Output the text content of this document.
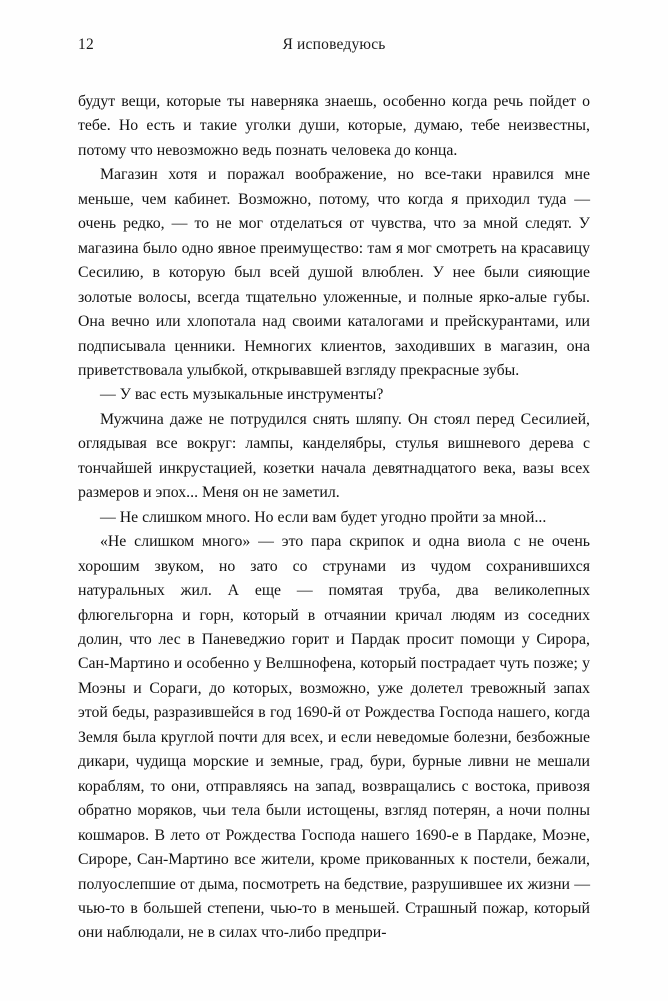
12	Я исповедуюсь

будут вещи, которые ты наверняка знаешь, особенно когда речь пойдет о тебе. Но есть и такие уголки души, которые, думаю, тебе неизвестны, потому что невозможно ведь познать человека до конца.

Магазин хотя и поражал воображение, но все-таки нравился мне меньше, чем кабинет. Возможно, потому, что когда я приходил туда — очень редко, — то не мог отделаться от чувства, что за мной следят. У магазина было одно явное преимущество: там я мог смотреть на красавицу Сесилию, в которую был всей душой влюблен. У нее были сияющие золотые волосы, всегда тщательно уложенные, и полные ярко-алые губы. Она вечно или хлопотала над своими каталогами и прейскурантами, или подписывала ценники. Немногих клиентов, заходивших в магазин, она приветствовала улыбкой, открывавшей взгляду прекрасные зубы.

— У вас есть музыкальные инструменты?

Мужчина даже не потрудился снять шляпу. Он стоял перед Сесилией, оглядывая все вокруг: лампы, канделябры, стулья вишневого дерева с тончайшей инкрустацией, козетки начала девятнадцатого века, вазы всех размеров и эпох... Меня он не заметил.

— Не слишком много. Но если вам будет угодно пройти за мной...

«Не слишком много» — это пара скрипок и одна виола с не очень хорошим звуком, но зато со струнами из чудом сохранившихся натуральных жил. А еще — помятая труба, два великолепных флюгельгорна и горн, который в отчаянии кричал людям из соседних долин, что лес в Паневеджио горит и Пардак просит помощи у Сирора, Сан-Мартино и особенно у Велшнофена, который пострадает чуть позже; у Моэны и Сораги, до которых, возможно, уже долетел тревожный запах этой беды, разразившейся в год 1690-й от Рождества Господа нашего, когда Земля была круглой почти для всех, и если неведомые болезни, безбожные дикари, чудища морские и земные, град, бури, бурные ливни не мешали кораблям, то они, отправляясь на запад, возвращались с востока, привозя обратно моряков, чьи тела были истощены, взгляд потерян, а ночи полны кошмаров. В лето от Рождества Господа нашего 1690-е в Пардаке, Моэне, Сироре, Сан-Мартино все жители, кроме прикованных к постели, бежали, полуослепшие от дыма, посмотреть на бедствие, разрушившее их жизни — чью-то в большей степени, чью-то в меньшей. Страшный пожар, который они наблюдали, не в силах что-либо предпри-
